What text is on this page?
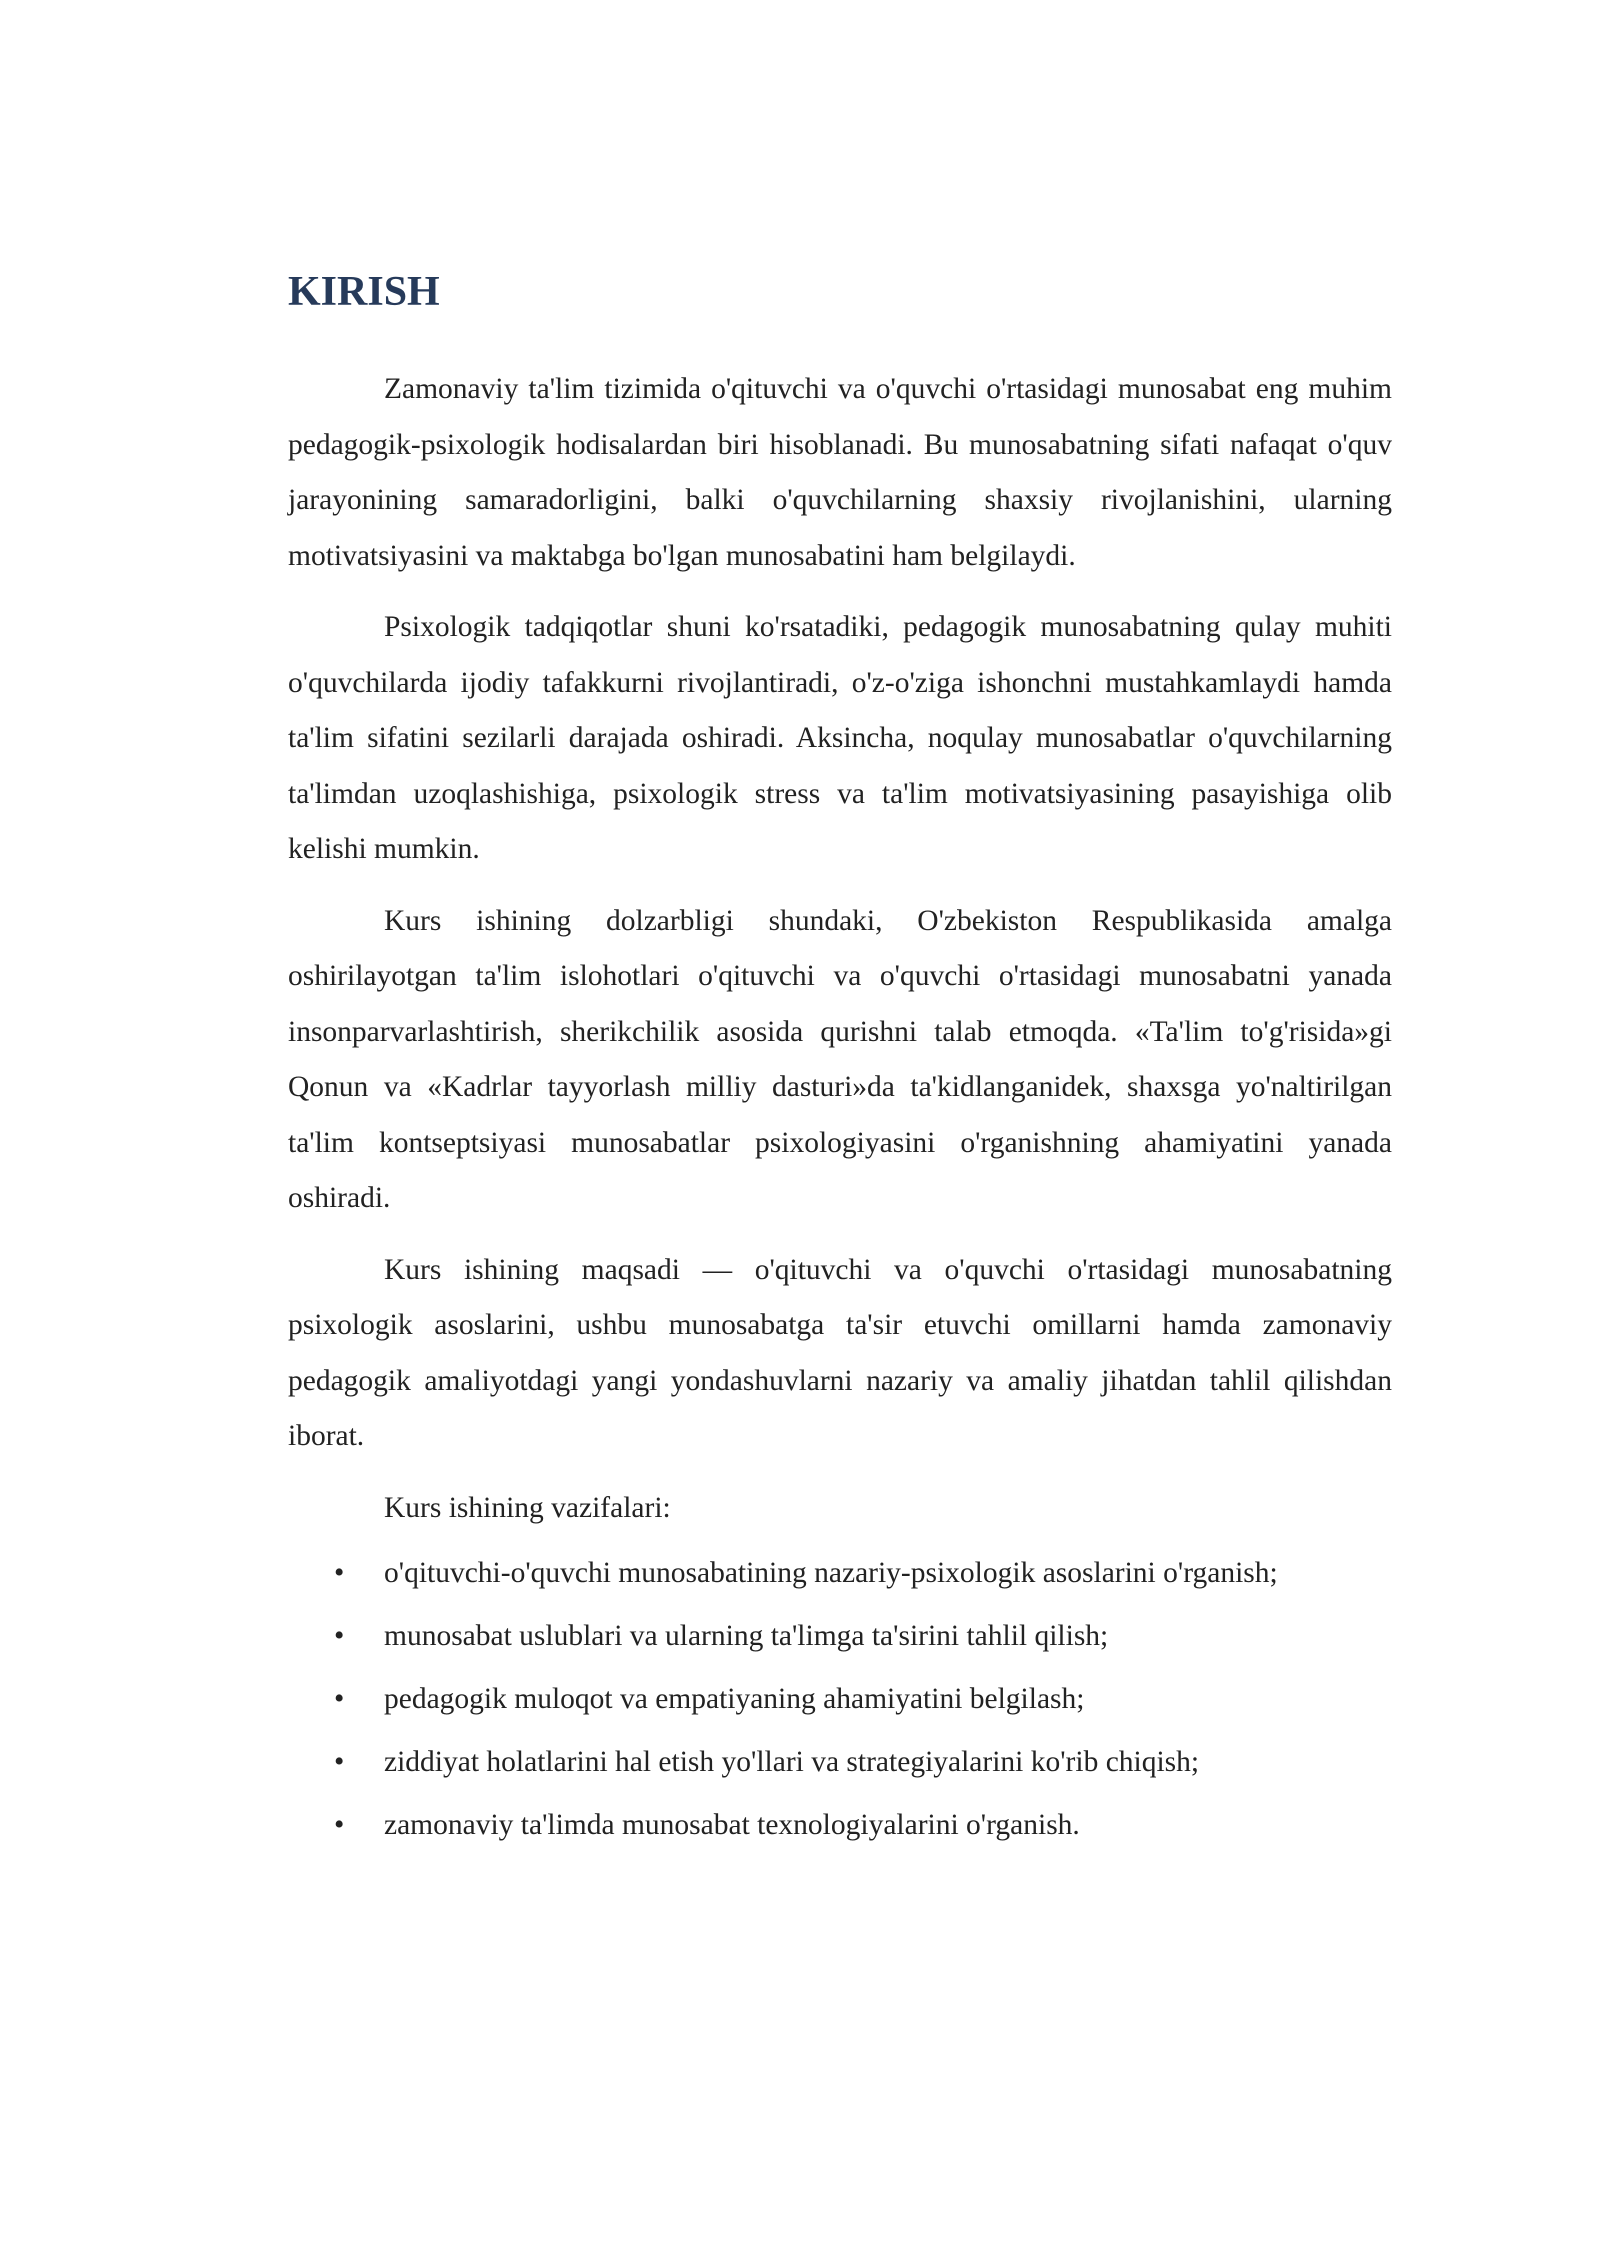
KIRISH

Zamonaviy ta'lim tizimida o'qituvchi va o'quvchi o'rtasidagi munosabat eng muhim pedagogik-psixologik hodisalardan biri hisoblanadi. Bu munosabatning sifati nafaqat o'quv jarayonining samaradorligini, balki o'quvchilarning shaxsiy rivojlanishini, ularning motivatsiyasini va maktabga bo'lgan munosabatini ham belgilaydi.

Psixologik tadqiqotlar shuni ko'rsatadiki, pedagogik munosabatning qulay muhiti o'quvchilarda ijodiy tafakkurni rivojlantiradi, o'z-o'ziga ishonchni mustahkamlaydi hamda ta'lim sifatini sezilarli darajada oshiradi. Aksincha, noqulay munosabatlar o'quvchilarning ta'limdan uzoqlashishiga, psixologik stress va ta'lim motivatsiyasining pasayishiga olib kelishi mumkin.

Kurs ishining dolzarbligi shundaki, O'zbekiston Respublikasida amalga oshirilayotgan ta'lim islohotlari o'qituvchi va o'quvchi o'rtasidagi munosabatni yanada insonparvarlashtirish, sherikchilik asosida qurishni talab etmoqda. «Ta'lim to'g'risida»gi Qonun va «Kadrlar tayyorlash milliy dasturi»da ta'kidlanganidek, shaxsga yo'naltirilgan ta'lim kontseptsiyasi munosabatlar psixologiyasini o'rganishning ahamiyatini yanada oshiradi.

Kurs ishining maqsadi — o'qituvchi va o'quvchi o'rtasidagi munosabatning psixologik asoslarini, ushbu munosabatga ta'sir etuvchi omillarni hamda zamonaviy pedagogik amaliyotdagi yangi yondashuvlarni nazariy va amaliy jihatdan tahlil qilishdan iborat.

Kurs ishining vazifalari:

• o'qituvchi-o'quvchi munosabatining nazariy-psixologik asoslarini o'rganish;
• munosabat uslublari va ularning ta'limga ta'sirini tahlil qilish;
• pedagogik muloqot va empatiyaning ahamiyatini belgilash;
• ziddiyat holatlarini hal etish yo'llari va strategiyalarini ko'rib chiqish;
• zamonaviy ta'limda munosabat texnologiyalarini o'rganish.
